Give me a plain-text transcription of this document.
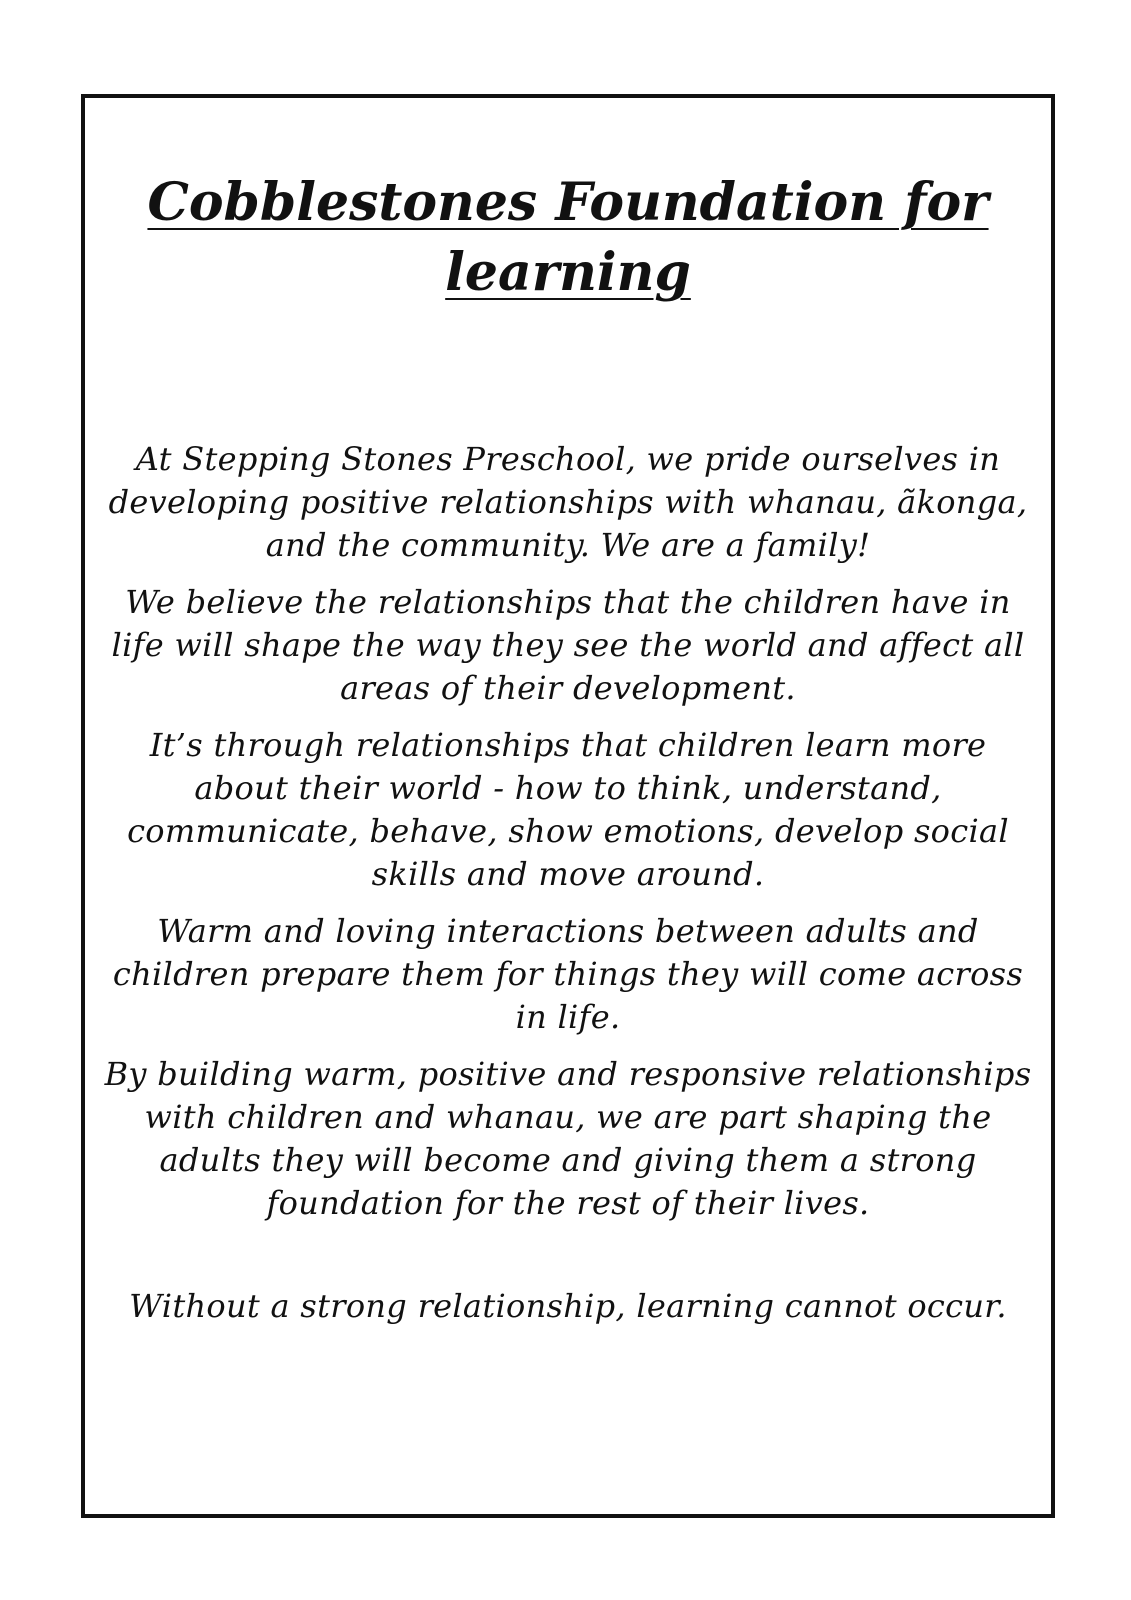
Cobblestones Foundation for learning

At Stepping Stones Preschool, we pride ourselves in developing positive relationships with whanau, ãkonga, and the community. We are a family!

We believe the relationships that the children have in life will shape the way they see the world and affect all areas of their development.

It’s through relationships that children learn more about their world - how to think, understand, communicate, behave, show emotions, develop social skills and move around.

Warm and loving interactions between adults and children prepare them for things they will come across in life.

By building warm, positive and responsive relationships with children and whanau, we are part shaping the adults they will become and giving them a strong foundation for the rest of their lives.

Without a strong relationship, learning cannot occur.
